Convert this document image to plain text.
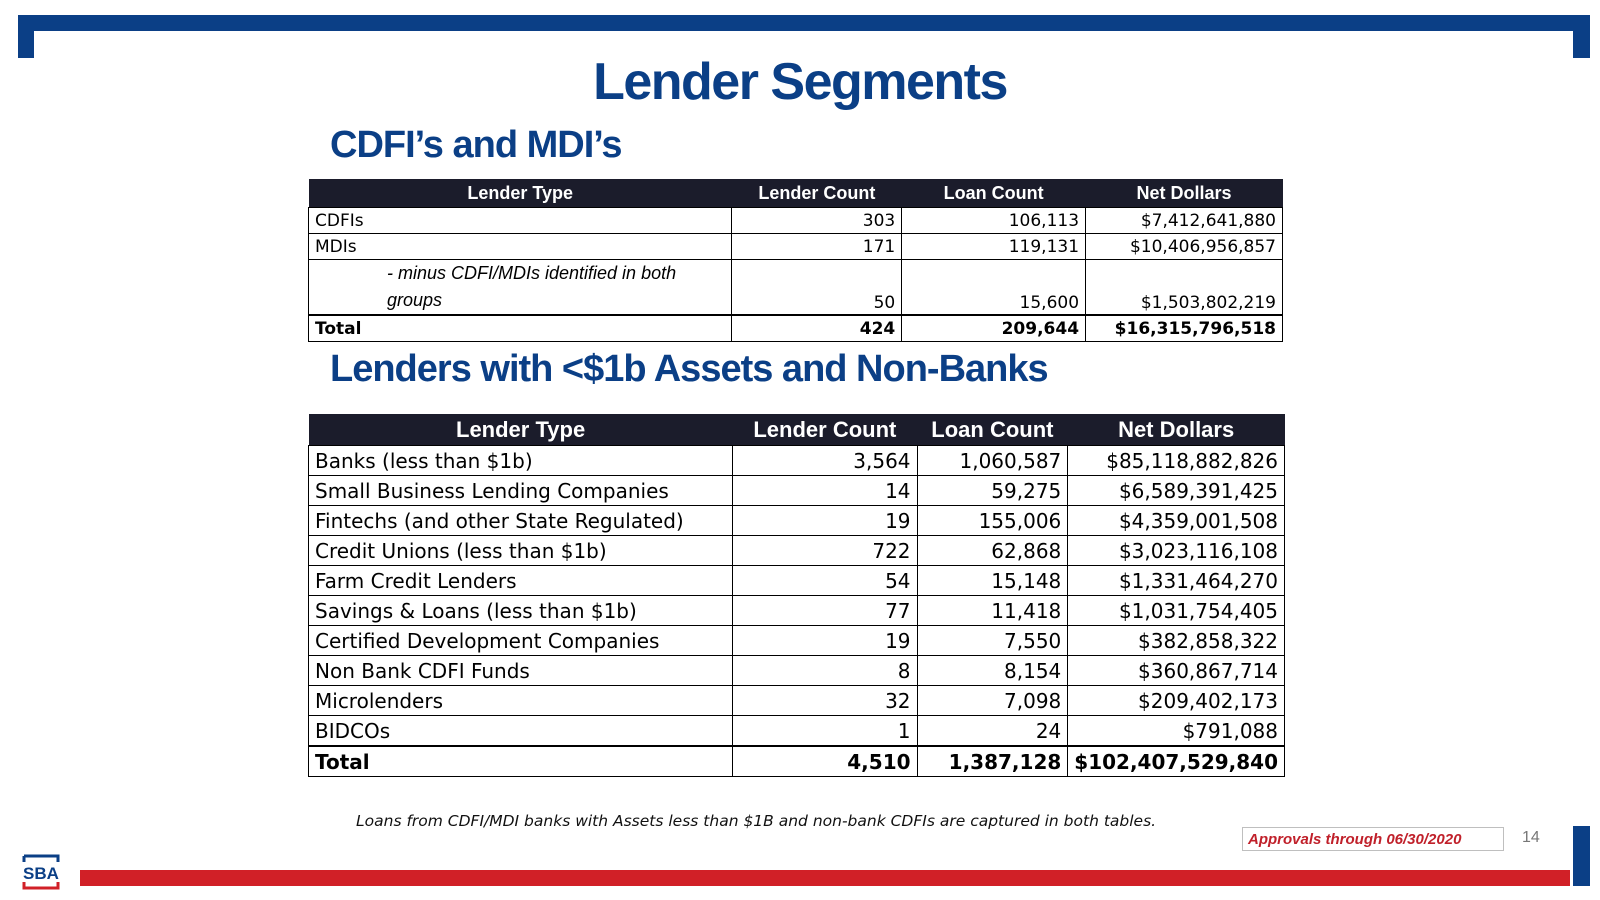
Lender Segments
CDFI’s and MDI’s
Lender Type	Lender Count	Loan Count	Net Dollars
CDFIs	303	106,113	$7,412,641,880
MDIs	171	119,131	$10,406,956,857
- minus CDFI/MDIs identified in both groups	50	15,600	$1,503,802,219
Total	424	209,644	$16,315,796,518
Lenders with <$1b Assets and Non-Banks
Lender Type	Lender Count	Loan Count	Net Dollars
Banks (less than $1b)	3,564	1,060,587	$85,118,882,826
Small Business Lending Companies	14	59,275	$6,589,391,425
Fintechs (and other State Regulated)	19	155,006	$4,359,001,508
Credit Unions (less than $1b)	722	62,868	$3,023,116,108
Farm Credit Lenders	54	15,148	$1,331,464,270
Savings & Loans (less than $1b)	77	11,418	$1,031,754,405
Certified Development Companies	19	7,550	$382,858,322
Non Bank CDFI Funds	8	8,154	$360,867,714
Microlenders	32	7,098	$209,402,173
BIDCOs	1	24	$791,088
Total	4,510	1,387,128	$102,407,529,840
Loans from CDFI/MDI banks with Assets less than $1B and non-bank CDFIs are captured in both tables.
Approvals through 06/30/2020	14
SBA
